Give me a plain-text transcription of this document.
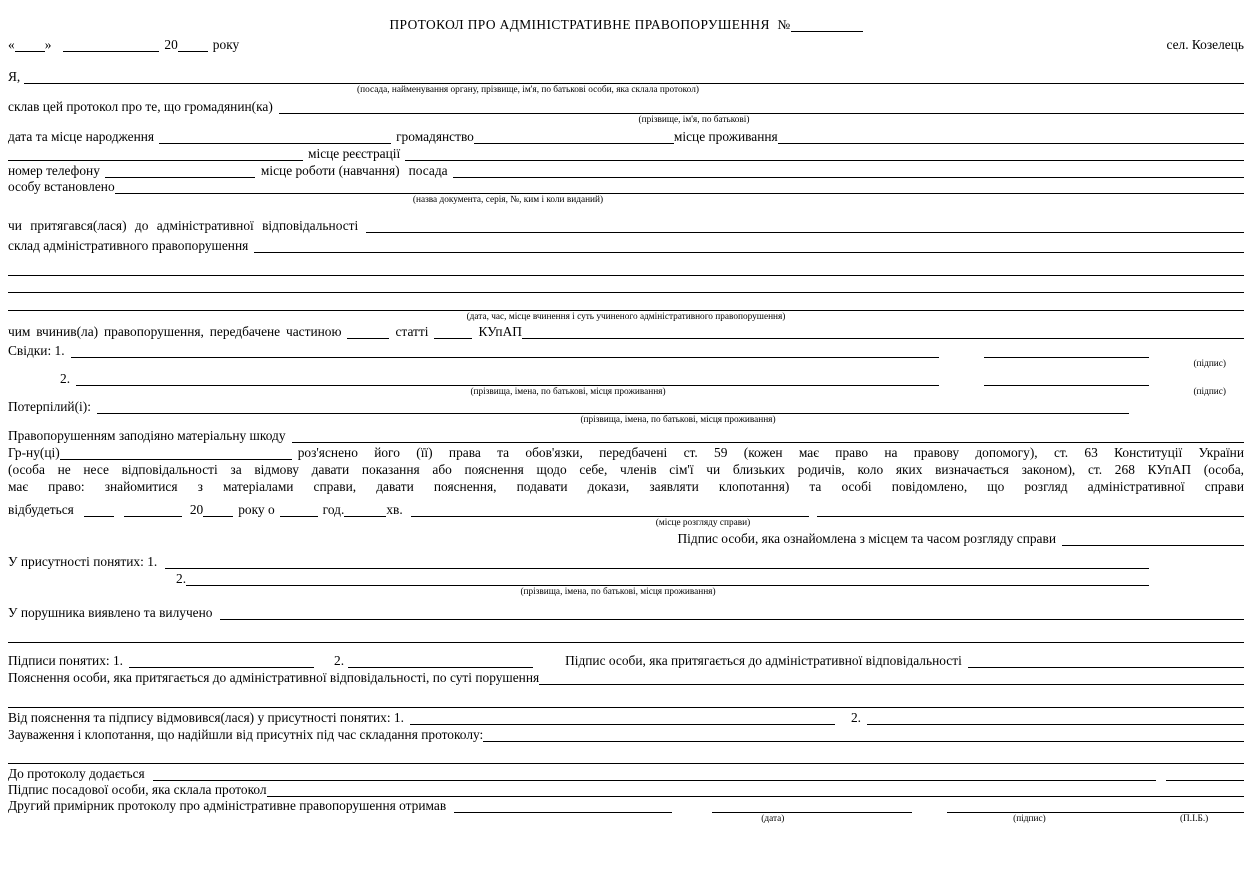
ПРОТОКОЛ ПРО АДМІНІСТРАТИВНЕ ПРАВОПОРУШЕННЯ  №
« »	20	року	сел. Козелець
Я,
(посада, найменування органу, прізвище, ім'я, по батькові особи, яка склала протокол)
склав цей протокол про те, що громадянин(ка)
(прізвище, ім'я, по батькові)
дата та місце народження	громадянство	місце проживання
місце реєстрації
номер телефону	місце роботи (навчання) посада
особу встановлено
(назва документа, серія, №, ким і коли виданий)
чи притягався(лася) до адміністративної відповідальності
склад адміністративного правопорушення
(дата, час, місце вчинення і суть учиненого адміністративного правопорушення)
чим вчинив(ла) правопорушення, передбачене частиною	статті	КУпАП
Свідки: 1.
(підпис)
2.
(прізвища, імена, по батькові, місця проживання)	(підпис)
Потерпілий(і):
(прізвища, імена, по батькові, місця проживання)
Правопорушенням заподіяно матеріальну шкоду
Гр-ну(ці)	роз'яснено його (її) права та обов'язки, передбачені ст. 59 (кожен має право на правову допомогу), ст. 63 Конституції України
(особа не несе відповідальності за відмову давати показання або пояснення щодо себе, членів сім'ї чи близьких родичів, коло яких визначається законом), ст. 268 КУпАП (особа,
має право: знайомитися з матеріалами справи, давати пояснення, подавати докази, заявляти клопотання) та особі повідомлено, що розгляд адміністративної справи
відбудеться	20	року о	год.	хв.
(місце розгляду справи)
Підпис особи, яка ознайомлена з місцем та часом розгляду справи
У присутності понятих: 1.
2.
(прізвища, імена, по батькові, місця проживання)
У порушника виявлено та вилучено
Підписи понятих: 1.	2.	Підпис особи, яка притягається до адміністративної відповідальності
Пояснення особи, яка притягається до адміністративної відповідальності, по суті порушення
Від пояснення та підпису відмовився(лася) у присутності понятих: 1.	2.
Зауваження і клопотання, що надійшли від присутніх під час складання протоколу:
До протоколу додається
Підпис посадової особи, яка склала протокол
Другий примірник протоколу про адміністративне правопорушення отримав
(дата)	(підпис)	(П.І.Б.)
